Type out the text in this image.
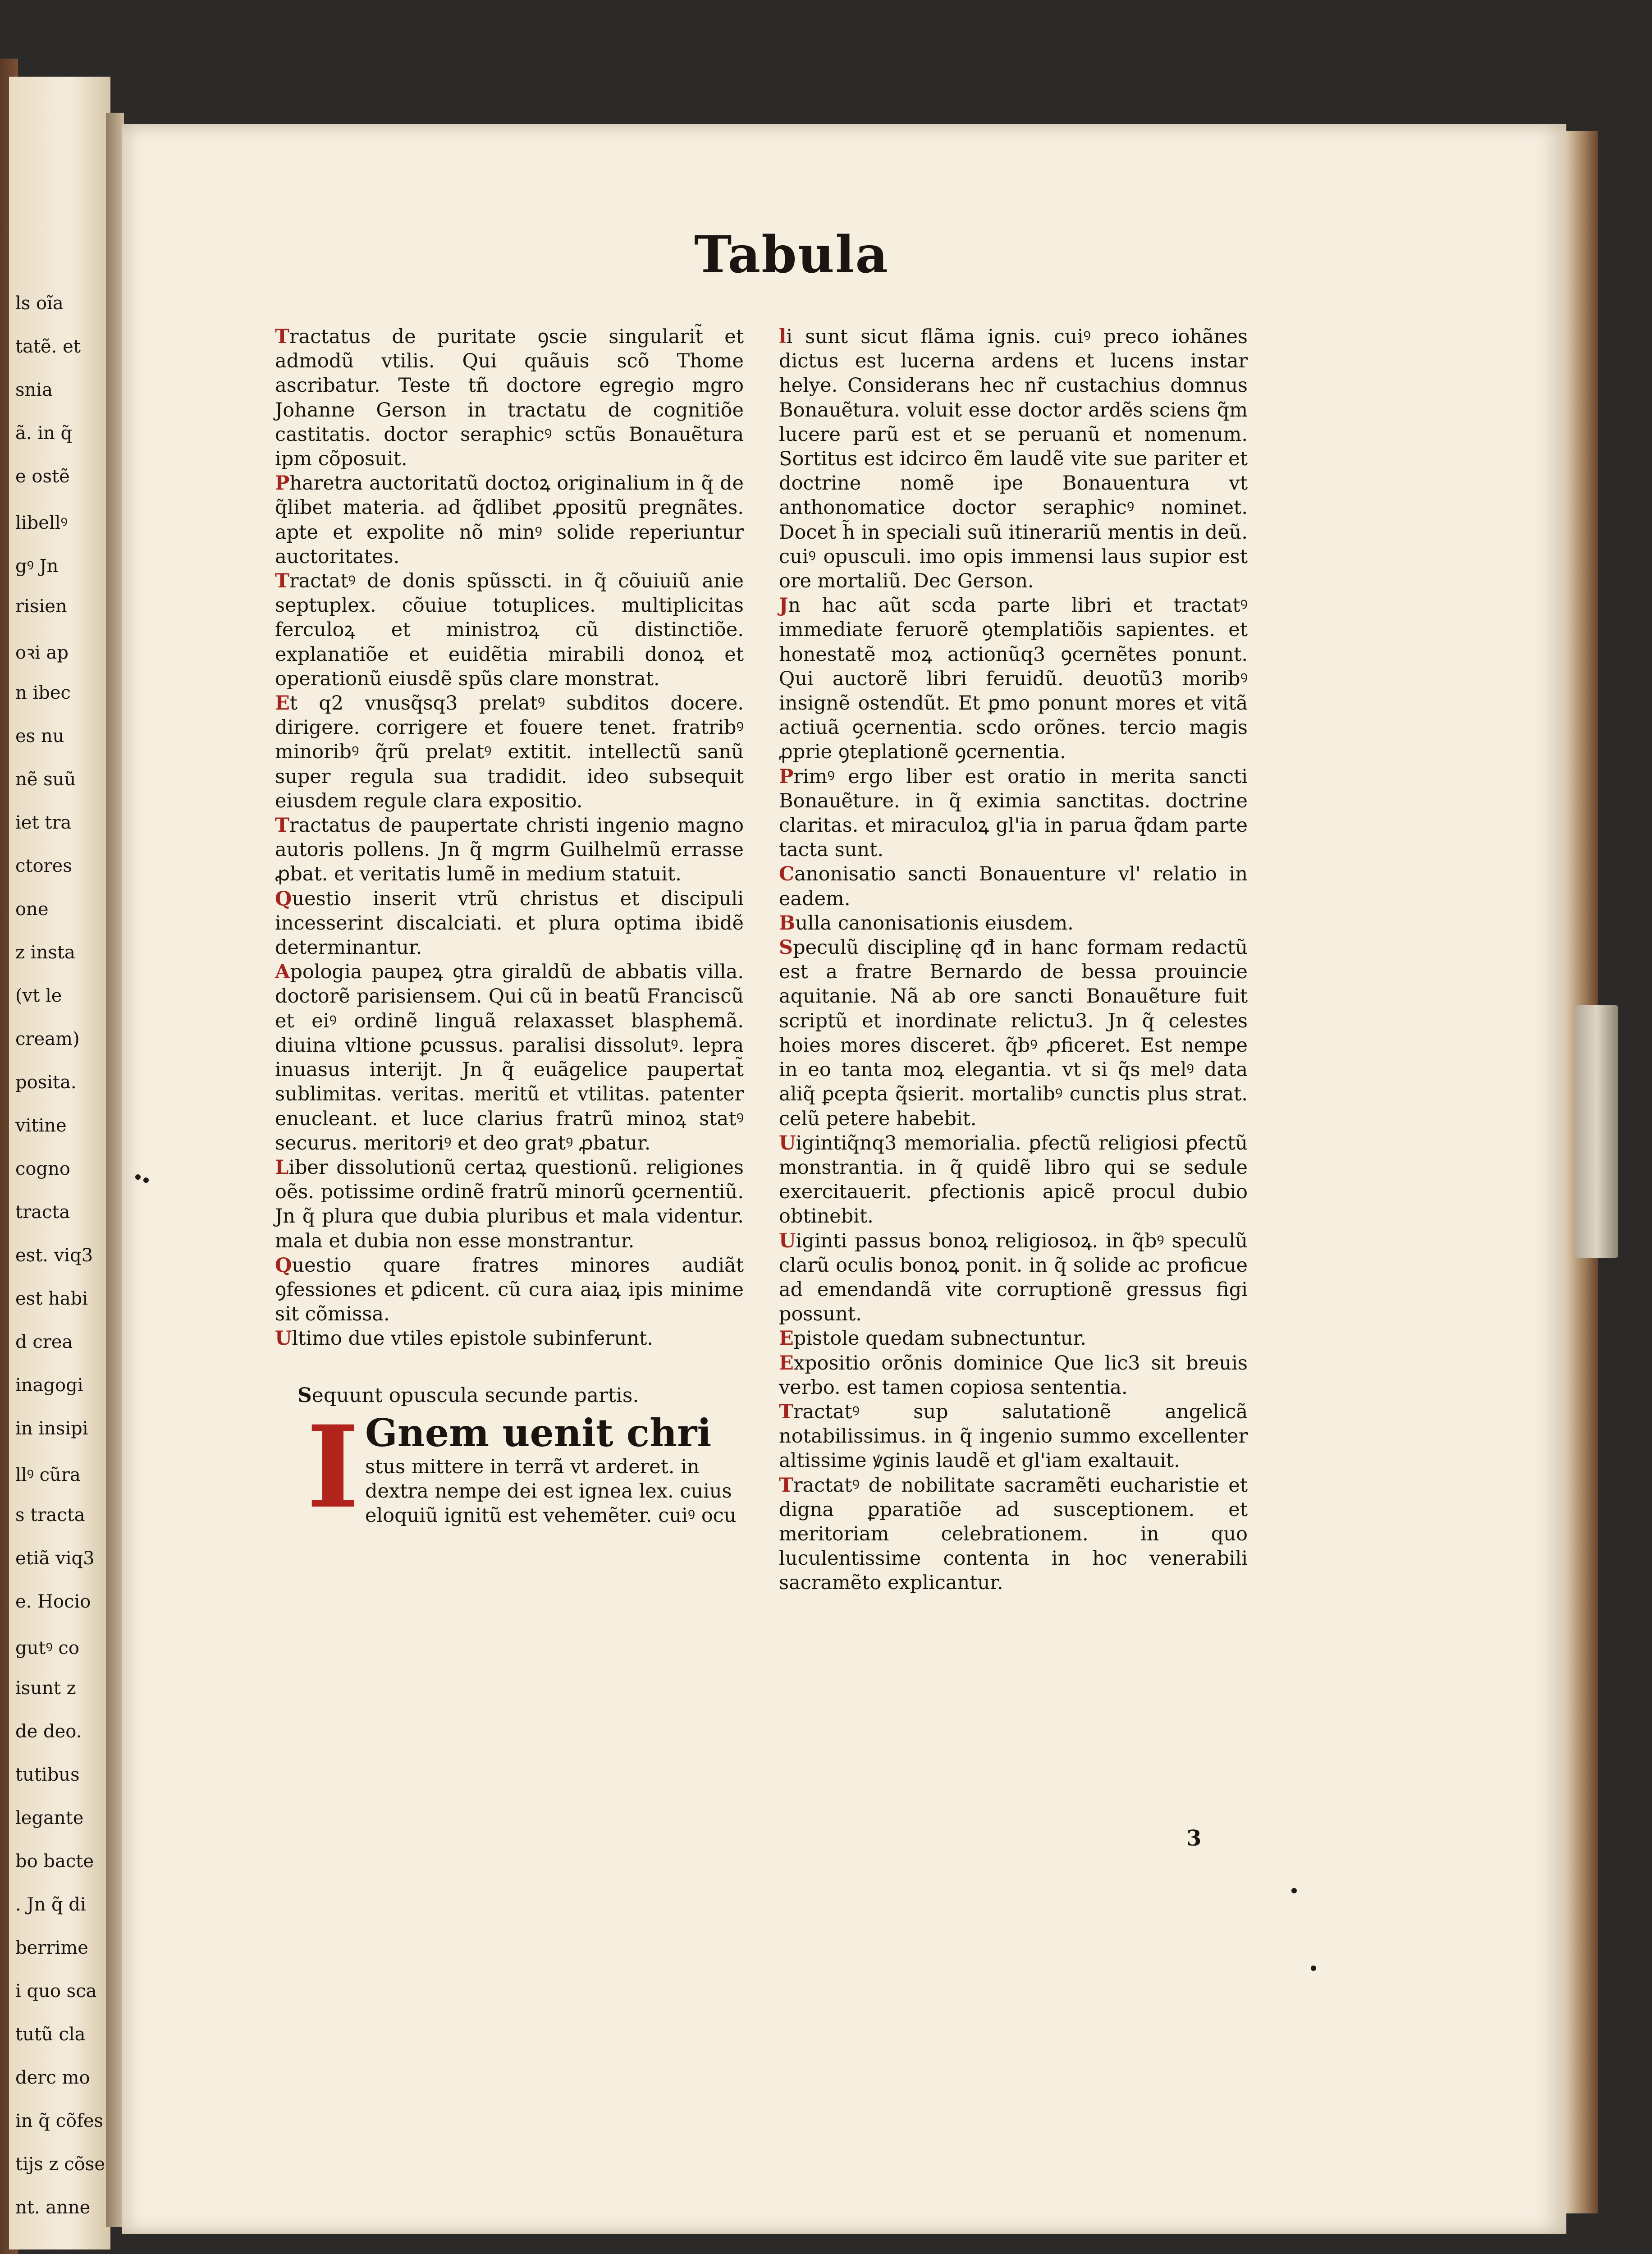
ls oĩa
tatẽ. et
snia
ã. in q̃
e ostẽ
libellꝰ
gꝰ Jn
risien
oꝛi ap
n ibec
es nu
nẽ suũ
iet tra
ctores
one
z insta
(vt le
cream)
posita.
vitine
cogno
tracta
est. viq3
est habi
d crea
inagogi
in insipi
llꝰ cũra
s tracta
etiã viq3
e. Hocio
gutꝰ co
isunt z
de deo.
tutibus
legante
bo bacte
. Jn q̃ di
berrime
i quo sca
tutũ cla
derc mo
in q̃ cõfes
tijs z cõse
nt. anne
Tabula

Tractatus de puritate ꝯscie singularit̃ et admodũ vtilis. Qui quãuis scõ Thome ascribatur. Teste tñ doctore egregio mgro Johanne Gerson in tractatu de cognitiõe castitatis. doctor seraphicꝰ sctũs Bonauẽtura ipm cõposuit.

Pharetra auctoritatũ doctoꝝ originalium in q̃ de q̃libet materia. ad q̃dlibet ꝓpositũ pregnãtes. apte et expolite nõ minꝰ solide reperiuntur auctoritates.

Tractatꝰ de donis spũsscti. in q̃ cõuiuiũ anie septuplex. cõuiue totuplices. multiplicitas ferculoꝝ et ministroꝝ cũ distinctiõe. explanatiõe et euidẽtia mirabili donoꝝ et operationũ eiusdẽ spũs clare monstrat.

Et q2 vnusq̃sq3 prelatꝰ subditos docere. dirigere. corrigere et fouere tenet. fratribꝰ minoribꝰ q̃rũ prelatꝰ extitit. intellectũ sanũ super regula sua tradidit. ideo subsequit eiusdem regule clara expositio.

Tractatus de paupertate christi ingenio magno autoris pollens. Jn q̃ mgrm Guilhelmũ errasse ꝓbat. et veritatis lumẽ in medium statuit.

Questio inserit vtrũ christus et discipuli incesserint discalciati. et plura optima ibidẽ determinantur.

Apologia paupeꝝ ꝯtra giraldũ de abbatis villa. doctorẽ parisiensem. Qui cũ in beatũ Franciscũ et eiꝰ ordinẽ linguã relaxasset blasphemã. diuina vltione ꝑcussus. paralisi dissolutꝰ. lepra inuasus interijt. Jn q̃ euãgelice paupertat̃ sublimitas. veritas. meritũ et vtilitas. patenter enucleant. et luce clarius fratrũ minoꝝ statꝰ securus. meritoriꝰ et deo gratꝰ ꝓbatur.

Liber dissolutionũ certaꝝ questionũ. religiones oẽs. potissime ordinẽ fratrũ minorũ ꝯcernentiũ. Jn q̃ plura que dubia pluribus et mala videntur. mala et dubia non esse monstrantur.

Questio quare fratres minores audiãt ꝯfessiones et ꝑdicent. cũ cura aiaꝝ ipis minime sit cõmissa.

Ultimo due vtiles epistole subinferunt.

Sequunt opuscula secunde partis.

I Gnem uenit chri
stus mittere in terrã vt arderet. in dextra nempe dei est ignea lex. cuius eloquiũ ignitũ est vehemẽter. cuiꝰ ocu

li sunt sicut flãma ignis. cuiꝰ preco iohãnes dictus est lucerna ardens et lucens instar helye. Considerans hec nr̃ custachius domnus Bonauẽtura. voluit esse doctor ardẽs sciens q̃m lucere parũ est et se peruanũ et nomenum. Sortitus est idcirco ẽm laudẽ vite sue pariter et doctrine nomẽ ipe Bonauentura vt anthonomatice doctor seraphicꝰ nominet. Docet h̃ in speciali suũ itinerariũ mentis in deũ. cuiꝰ opusculi. imo opis immensi laus supior est ore mortaliũ. Dec Gerson.

Jn hac aũt scda parte libri et tractatꝰ immediate feruorẽ ꝯtemplatiõis sapientes. et honestatẽ moꝝ actionũq3 ꝯcernẽtes ponunt. Qui auctorẽ libri feruidũ. deuotũ3 moribꝰ insignẽ ostendũt. Et ꝑmo ponunt mores et vitã actiuã ꝯcernentia. scdo orõnes. tercio magis ꝓprie ꝯteplationẽ ꝯcernentia.

Primꝰ ergo liber est oratio in merita sancti Bonauẽture. in q̃ eximia sanctitas. doctrine claritas. et miraculoꝝ gl'ia in parua q̃dam parte tacta sunt.

Canonisatio sancti Bonauenture vl' relatio in eadem.

Bulla canonisationis eiusdem.

Speculũ disciplinę qđ in hanc formam redactũ est a fratre Bernardo de bessa prouincie aquitanie. Nã ab ore sancti Bonauẽture fuit scriptũ et inordinate relictu3. Jn q̃ celestes hoies mores disceret. q̃bꝰ ꝓficeret. Est nempe in eo tanta moꝝ elegantia. vt si q̃s melꝰ data aliq̃ ꝑcepta q̃sierit. mortalibꝰ cunctis plus strat. celũ petere habebit.

Uigintiq̃nq3 memorialia. ꝑfectũ religiosi ꝑfectũ monstrantia. in q̃ quidẽ libro qui se sedule exercitauerit. ꝑfectionis apicẽ procul dubio obtinebit.

Uiginti passus bonoꝝ religiosoꝝ. in q̃bꝰ speculũ clarũ oculis bonoꝝ ponit. in q̃ solide ac proficue ad emendandã vite corruptionẽ gressus figi possunt.

Epistole quedam subnectuntur.

Expositio orõnis dominice Que lic3 sit breuis verbo. est tamen copiosa sententia.

Tractatꝰ sup salutationẽ angelicã notabilissimus. in q̃ ingenio summo excellenter altissime ꝟginis laudẽ et gl'iam exaltauit.

Tractatꝰ de nobilitate sacramẽti eucharistie et digna ꝑparatiõe ad susceptionem. et meritoriam celebrationem. in quo luculentissime contenta in hoc venerabili sacramẽto explicantur.

3
